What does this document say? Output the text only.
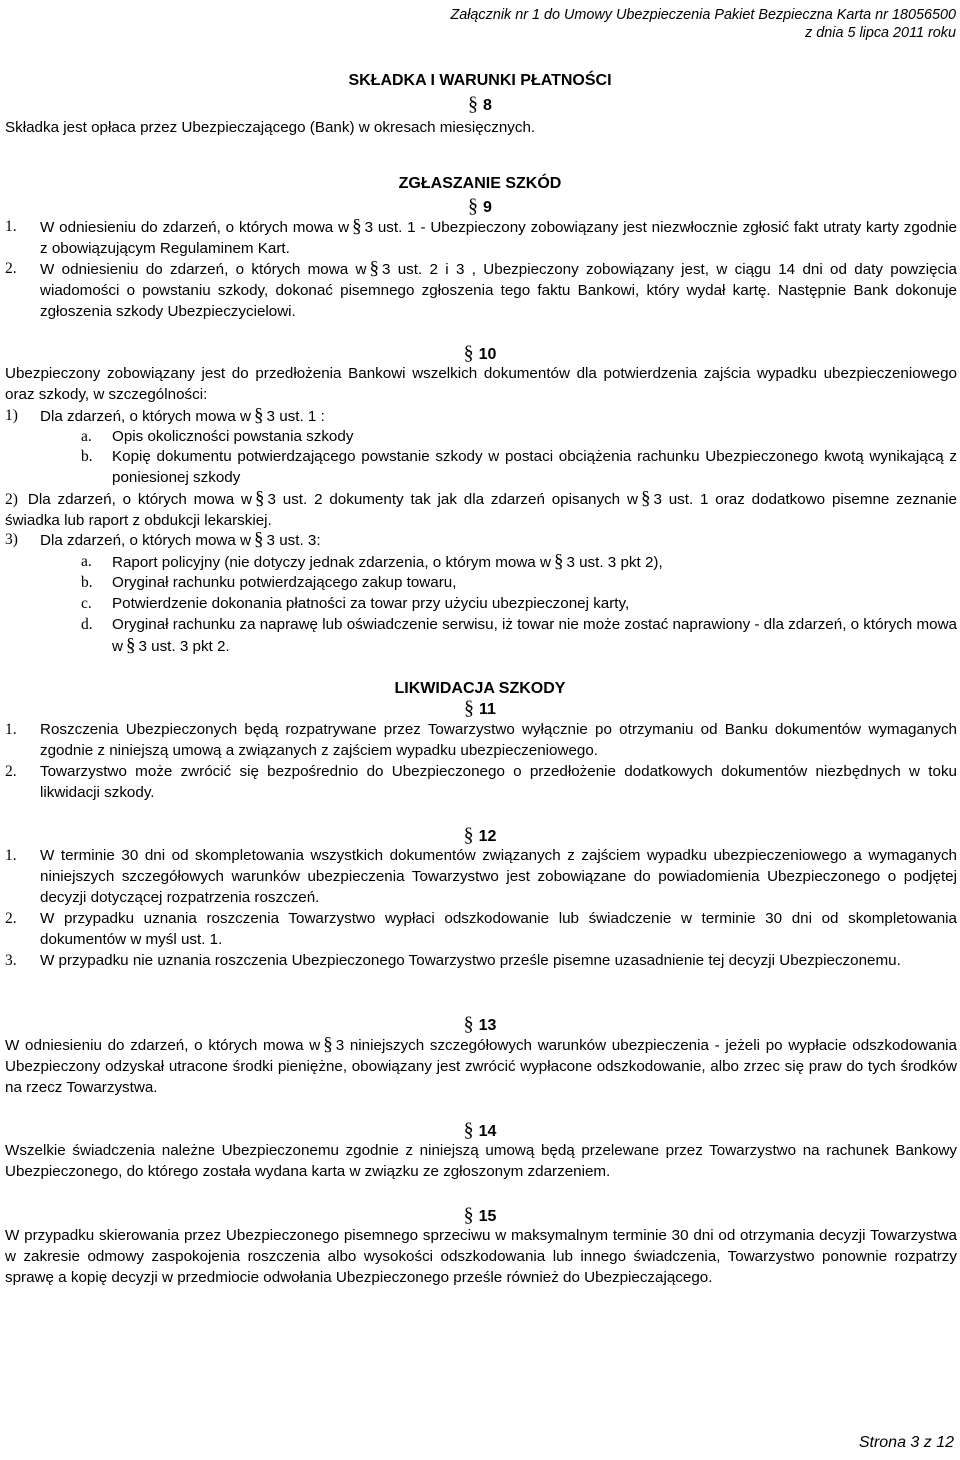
Załącznik nr 1 do Umowy Ubezpieczenia Pakiet Bezpieczna Karta nr 18056500
z dnia 5 lipca 2011 roku
SKŁADKA I WARUNKI PŁATNOŚCI
§ 8
Składka jest opłaca przez Ubezpieczającego (Bank) w okresach miesięcznych.
ZGŁASZANIE SZKÓD
§ 9
1. W odniesieniu do zdarzeń, o których mowa w § 3 ust. 1 - Ubezpieczony zobowiązany jest niezwłocznie zgłosić fakt utraty karty zgodnie z obowiązującym Regulaminem Kart.
2. W odniesieniu do zdarzeń, o których mowa w § 3 ust. 2 i 3 , Ubezpieczony zobowiązany jest, w ciągu 14 dni od daty powzięcia wiadomości o powstaniu szkody, dokonać pisemnego zgłoszenia tego faktu Bankowi, który wydał kartę. Następnie Bank dokonuje zgłoszenia szkody Ubezpieczycielowi.
§ 10
Ubezpieczony zobowiązany jest do przedłożenia Bankowi wszelkich dokumentów dla potwierdzenia zajścia wypadku ubezpieczeniowego oraz szkody, w szczególności:
1) Dla zdarzeń, o których mowa w § 3 ust. 1 :
a. Opis okoliczności powstania szkody
b. Kopię dokumentu potwierdzającego powstanie szkody w postaci obciążenia rachunku Ubezpieczonego kwotą wynikającą z poniesionej szkody
2) Dla zdarzeń, o których mowa w § 3 ust. 2 dokumenty tak jak dla zdarzeń opisanych w § 3 ust. 1 oraz dodatkowo pisemne zeznanie świadka lub raport z obdukcji lekarskiej.
3) Dla zdarzeń, o których mowa w § 3 ust. 3:
a. Raport policyjny (nie dotyczy jednak zdarzenia, o którym mowa w § 3 ust. 3 pkt 2),
b. Oryginał rachunku potwierdzającego zakup towaru,
c. Potwierdzenie dokonania płatności za towar przy użyciu ubezpieczonej karty,
d. Oryginał rachunku za naprawę lub oświadczenie serwisu, iż towar nie może zostać naprawiony - dla zdarzeń, o których mowa w § 3 ust. 3 pkt 2.
LIKWIDACJA SZKODY
§ 11
1. Roszczenia Ubezpieczonych będą rozpatrywane przez Towarzystwo wyłącznie po otrzymaniu od Banku dokumentów wymaganych zgodnie z niniejszą umową a związanych z zajściem wypadku ubezpieczeniowego.
2. Towarzystwo może zwrócić się bezpośrednio do Ubezpieczonego o przedłożenie dodatkowych dokumentów niezbędnych w toku likwidacji szkody.
§ 12
1. W terminie 30 dni od skompletowania wszystkich dokumentów związanych z zajściem wypadku ubezpieczeniowego a wymaganych niniejszych szczegółowych warunków ubezpieczenia Towarzystwo jest zobowiązane do powiadomienia Ubezpieczonego o podjętej decyzji dotyczącej rozpatrzenia roszczeń.
2. W przypadku uznania roszczenia Towarzystwo wypłaci odszkodowanie lub świadczenie w terminie 30 dni od skompletowania dokumentów w myśl ust. 1.
3. W przypadku nie uznania roszczenia Ubezpieczonego Towarzystwo prześle pisemne uzasadnienie tej decyzji Ubezpieczonemu.
§ 13
W odniesieniu do zdarzeń, o których mowa w § 3 niniejszych szczegółowych warunków ubezpieczenia - jeżeli po wypłacie odszkodowania Ubezpieczony odzyskał utracone środki pieniężne, obowiązany jest zwrócić wypłacone odszkodowanie, albo zrzec się praw do tych środków na rzecz Towarzystwa.
§ 14
Wszelkie świadczenia należne Ubezpieczonemu zgodnie z niniejszą umową będą przelewane przez Towarzystwo na rachunek Bankowy Ubezpieczonego, do którego została wydana karta w związku ze zgłoszonym zdarzeniem.
§ 15
W przypadku skierowania przez Ubezpieczonego pisemnego sprzeciwu w maksymalnym terminie 30 dni od otrzymania decyzji Towarzystwa w zakresie odmowy zaspokojenia roszczenia albo wysokości odszkodowania lub innego świadczenia, Towarzystwo ponownie rozpatrzy sprawę a kopię decyzji w przedmiocie odwołania Ubezpieczonego prześle również do Ubezpieczającego.
Strona 3 z 12
